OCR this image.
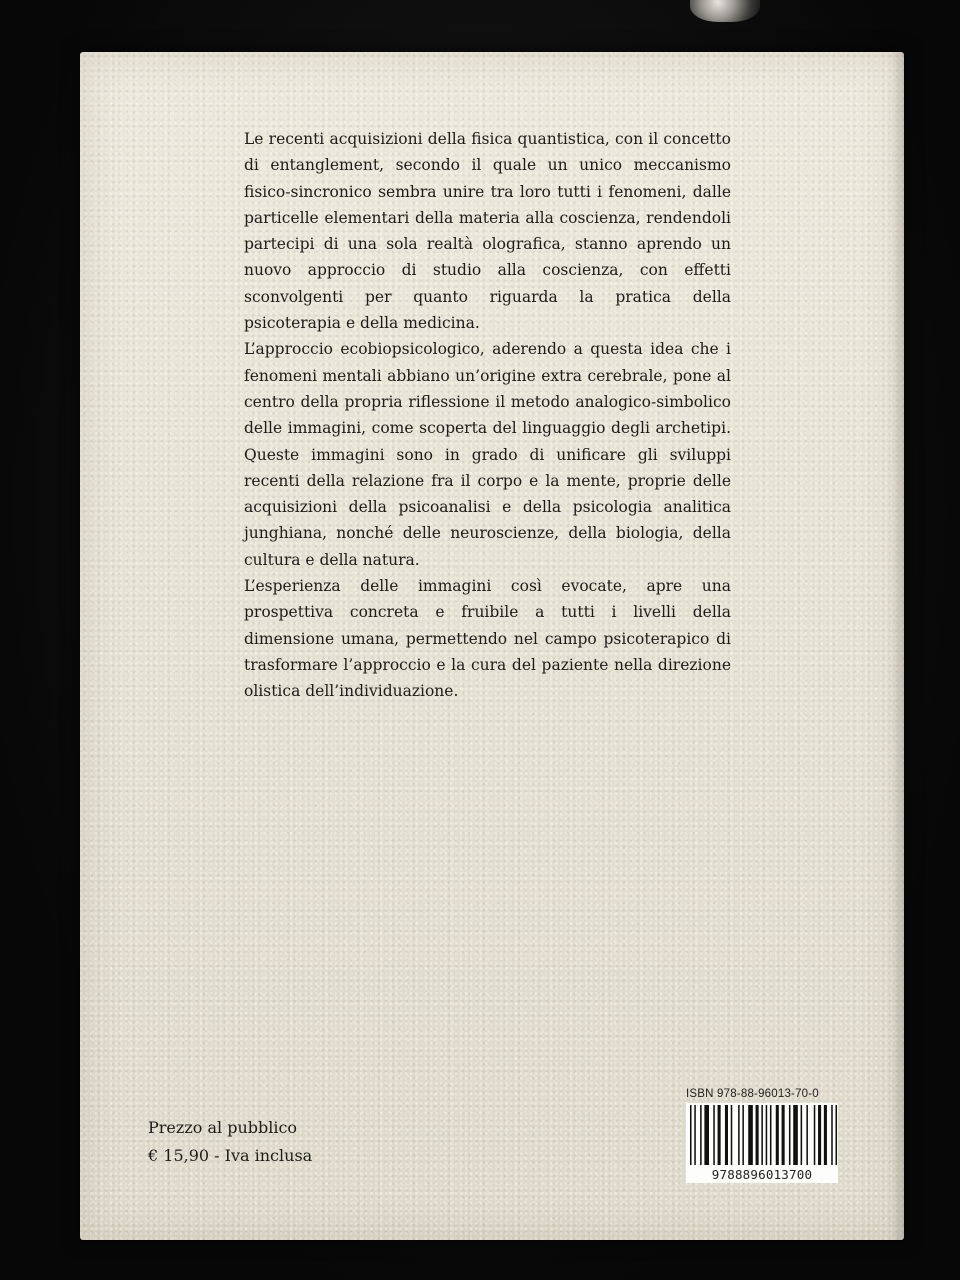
Le recenti acquisizioni della fisica quantistica, con il concetto di entanglement, secondo il quale un unico meccanismo fisico-sincronico sembra unire tra loro tutti i fenomeni, dalle particelle elementari della materia alla coscienza, rendendoli partecipi di una sola realtà olografica, stanno aprendo un nuovo approccio di studio alla coscienza, con effetti sconvolgenti per quanto riguarda la pratica della psicoterapia e della medicina.

L’approccio ecobiopsicologico, aderendo a questa idea che i fenomeni mentali abbiano un’origine extra cerebrale, pone al centro della propria riflessione il metodo analogico-simbolico delle immagini, come scoperta del linguaggio degli archetipi. Queste immagini sono in grado di unificare gli sviluppi recenti della relazione fra il corpo e la mente, proprie delle acquisizioni della psicoanalisi e della psicologia analitica junghiana, nonché delle neuroscienze, della biologia, della cultura e della natura.

L’esperienza delle immagini così evocate, apre una prospettiva concreta e fruibile a tutti i livelli della dimensione umana, permettendo nel campo psicoterapico di trasformare l’approccio e la cura del paziente nella direzione olistica dell’individuazione.

Prezzo al pubblico
€ 15,90 - Iva inclusa
ISBN 978-88-96013-70-0
9788896013700
